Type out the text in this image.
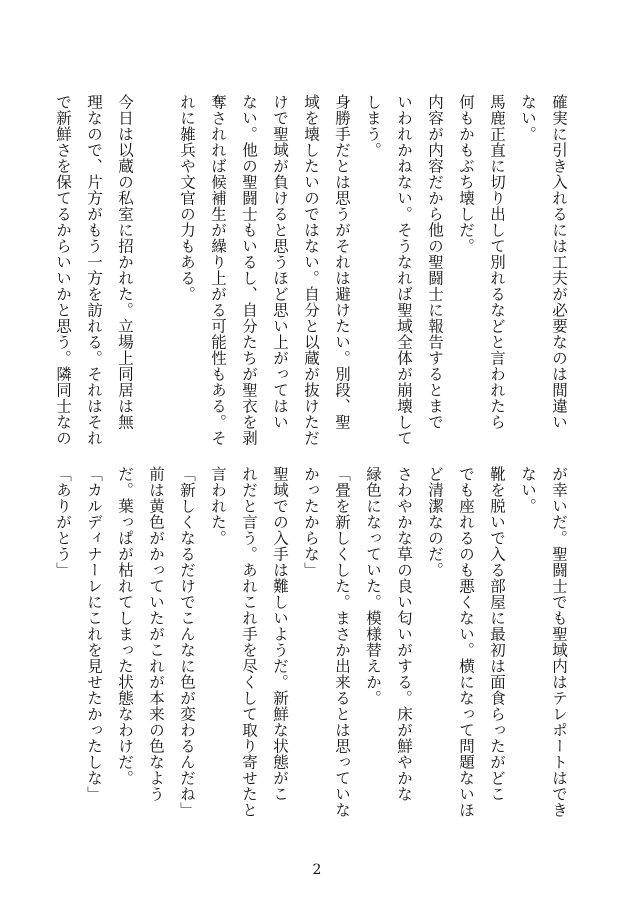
確実に引き入れるには工夫が必要なのは間違い

ない。

馬鹿正直に切り出して別れるなどと言われたら

何もかもぶち壊しだ。

内容が内容だから他の聖闘士に報告するとまで

いわれかねない。そうなれば聖域全体が崩壊して

しまう。

身勝手だとは思うがそれは避けたい。別段、聖

域を壊したいのではない。自分と以蔵が抜けただ

けで聖域が負けると思うほど思い上がってはい

ない。他の聖闘士もいるし、自分たちが聖衣を剥

奪されれば候補生が繰り上がる可能性もある。そ

れに雑兵や文官の力もある。

今日は以蔵の私室に招かれた。立場上同居は無

理なので、片方がもう一方を訪れる。それはそれ

で新鮮さを保てるからいいかと思う。隣同士なの

が幸いだ。聖闘士でも聖域内はテレポートはでき

ない。

靴を脱いで入る部屋に最初は面食らったがどこ

でも座れるのも悪くない。横になって問題ないほ

ど清潔なのだ。

さわやかな草の良い匂いがする。床が鮮やかな

緑色になっていた。模様替えか。

「畳を新しくした。まさか出来るとは思っていな

かったからな」

聖域での入手は難しいようだ。新鮮な状態がこ

れだと言う。あれこれ手を尽くして取り寄せたと

言われた。

「新しくなるだけでこんなに色が変わるんだね」

前は黄色がかっていたがこれが本来の色なよう

だ。葉っぱが枯れてしまった状態なわけだ。

「カルディナーレにこれを見せたかったしな」

「ありがとう」

2
